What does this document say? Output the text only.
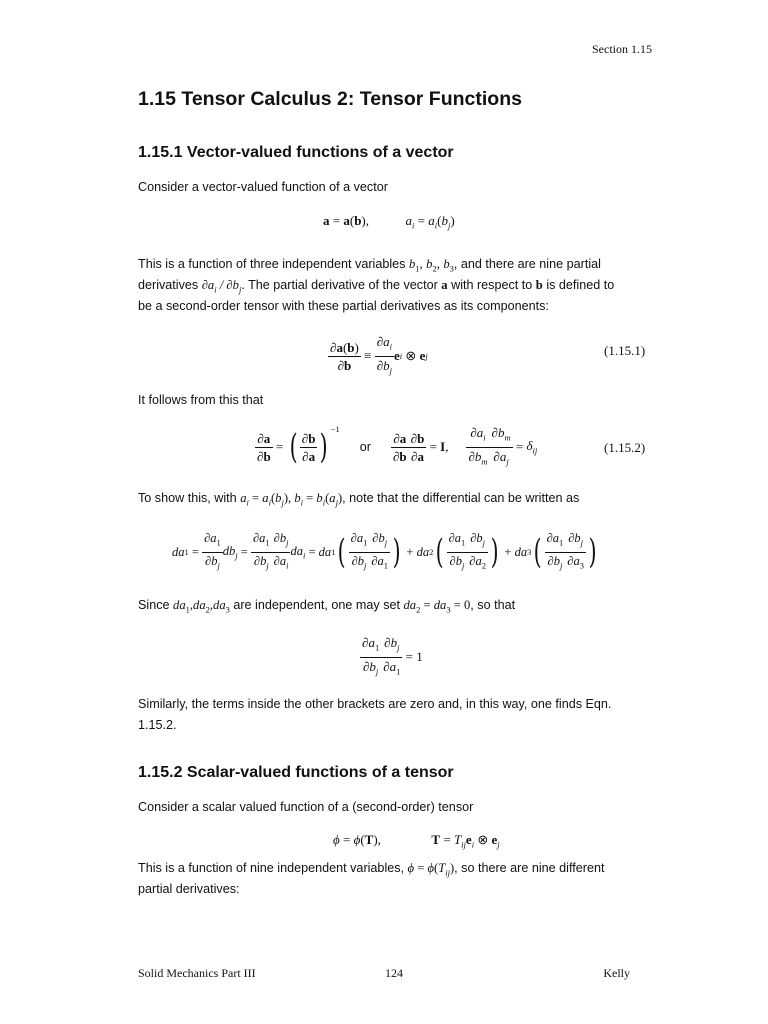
Section 1.15
1.15 Tensor Calculus 2: Tensor Functions
1.15.1 Vector-valued functions of a vector
Consider a vector-valued function of a vector
a = a(b),	$a_i = a_i(b_j)$
This is a function of three independent variables $b_1$, $b_2$, $b_3$, and there are nine partial
derivatives $\partial a_i / \partial b_j$. The partial derivative of the vector a with respect to b is defined to
be a second-order tensor with these partial derivatives as its components:
$\frac{\partial a(b)}{\partial b} \equiv \frac{\partial a_i}{\partial b_j}$ e i ⊗ e j	(1.15.1)
It follows from this that
$\frac{\partial a}{\partial b}$ = ( $\frac{\partial b}{\partial a}$ ) $^{-1}$
or $\frac{\partial a}{\partial b} \frac{\partial b}{\partial a} = I$ , $\frac{\partial a_i}{\partial b_m} \frac{\partial b_m}{\partial a_j} = \delta_{ij}$	(1.15.2)
To show this, with $a_i = a_i(b_j)$, $b_i = b_i(a_j)$, note that the differential can be written as
da $1 = \frac{\partial a_1}{\partial b_j} db_j = \frac{\partial a_1}{\partial b_j} \frac{\partial b_j}{\partial a_i} da_i$ = da 1 ( $\frac{\partial a_1}{\partial b_j} \frac{\partial b_j}{\partial a_1}$ ) + da 2 ( $\frac{\partial a_1}{\partial b_j} \frac{\partial b_j}{\partial a_2}$ ) + da 3 ( $\frac{\partial a_1}{\partial b_j} \frac{\partial b_j}{\partial a_3}$ )
Since $da_1,da_2,da_3$ are independent, one may set $da_2 = da_3 = 0$, so that
$\frac{\partial a_1}{\partial b_j} \frac{\partial b_j}{\partial a_1} = 1$
Similarly, the terms inside the other brackets are zero and, in this way, one finds Eqn.
1.15.2.
1.15.2 Scalar-valued functions of a tensor
Consider a scalar valued function of a (second-order) tensor
ϕ = ϕ(T),	$T = T_{ij}e_i$ ⊗ $e_j$
This is a function of nine independent variables, $\phi = \phi(T_{ij})$, so there are nine different
partial derivatives:
Solid Mechanics Part III	124	Kelly
